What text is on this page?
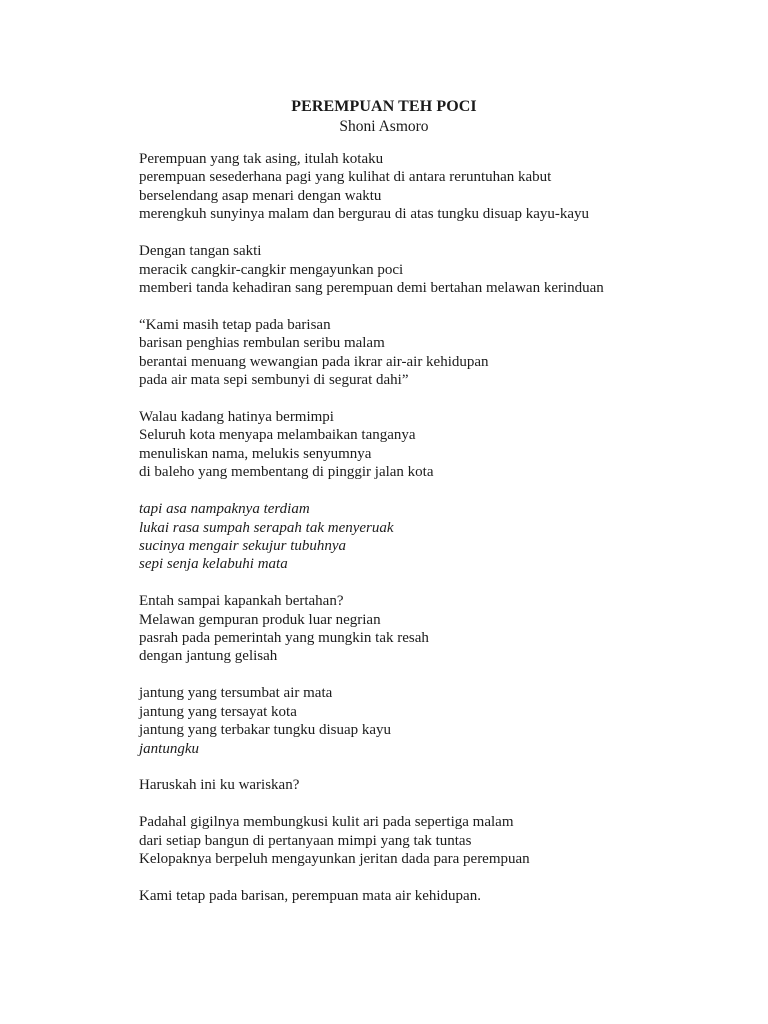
PEREMPUAN TEH POCI
Shoni Asmoro
Perempuan yang tak asing, itulah kotaku
perempuan sesederhana pagi yang kulihat di antara reruntuhan kabut
berselendang asap menari dengan waktu
merengkuh sunyinya malam dan bergurau di atas tungku disuap kayu-kayu
Dengan tangan sakti
meracik cangkir-cangkir mengayunkan poci
memberi tanda kehadiran sang perempuan demi bertahan melawan kerinduan
“Kami masih tetap pada barisan
barisan penghias rembulan seribu malam
berantai menuang wewangian pada ikrar air-air kehidupan
pada air mata sepi sembunyi di segurat dahi”
Walau kadang hatinya bermimpi
Seluruh kota menyapa melambaikan tanganya
menuliskan nama, melukis senyumnya
di baleho yang membentang di pinggir jalan kota
tapi asa nampaknya terdiam
lukai rasa sumpah serapah tak menyeruak
sucinya mengair sekujur tubuhnya
sepi senja kelabuhi mata
Entah sampai kapankah bertahan?
Melawan gempuran produk luar negrian
pasrah pada pemerintah yang mungkin tak resah
dengan jantung gelisah
jantung yang tersumbat air mata
jantung yang tersayat kota
jantung yang terbakar tungku disuap kayu
jantungku
Haruskah ini ku wariskan?
Padahal gigilnya membungkusi kulit ari pada sepertiga malam
dari setiap bangun di pertanyaan mimpi yang tak tuntas
Kelopaknya berpeluh mengayunkan jeritan dada para perempuan
Kami tetap pada barisan, perempuan mata air kehidupan.
